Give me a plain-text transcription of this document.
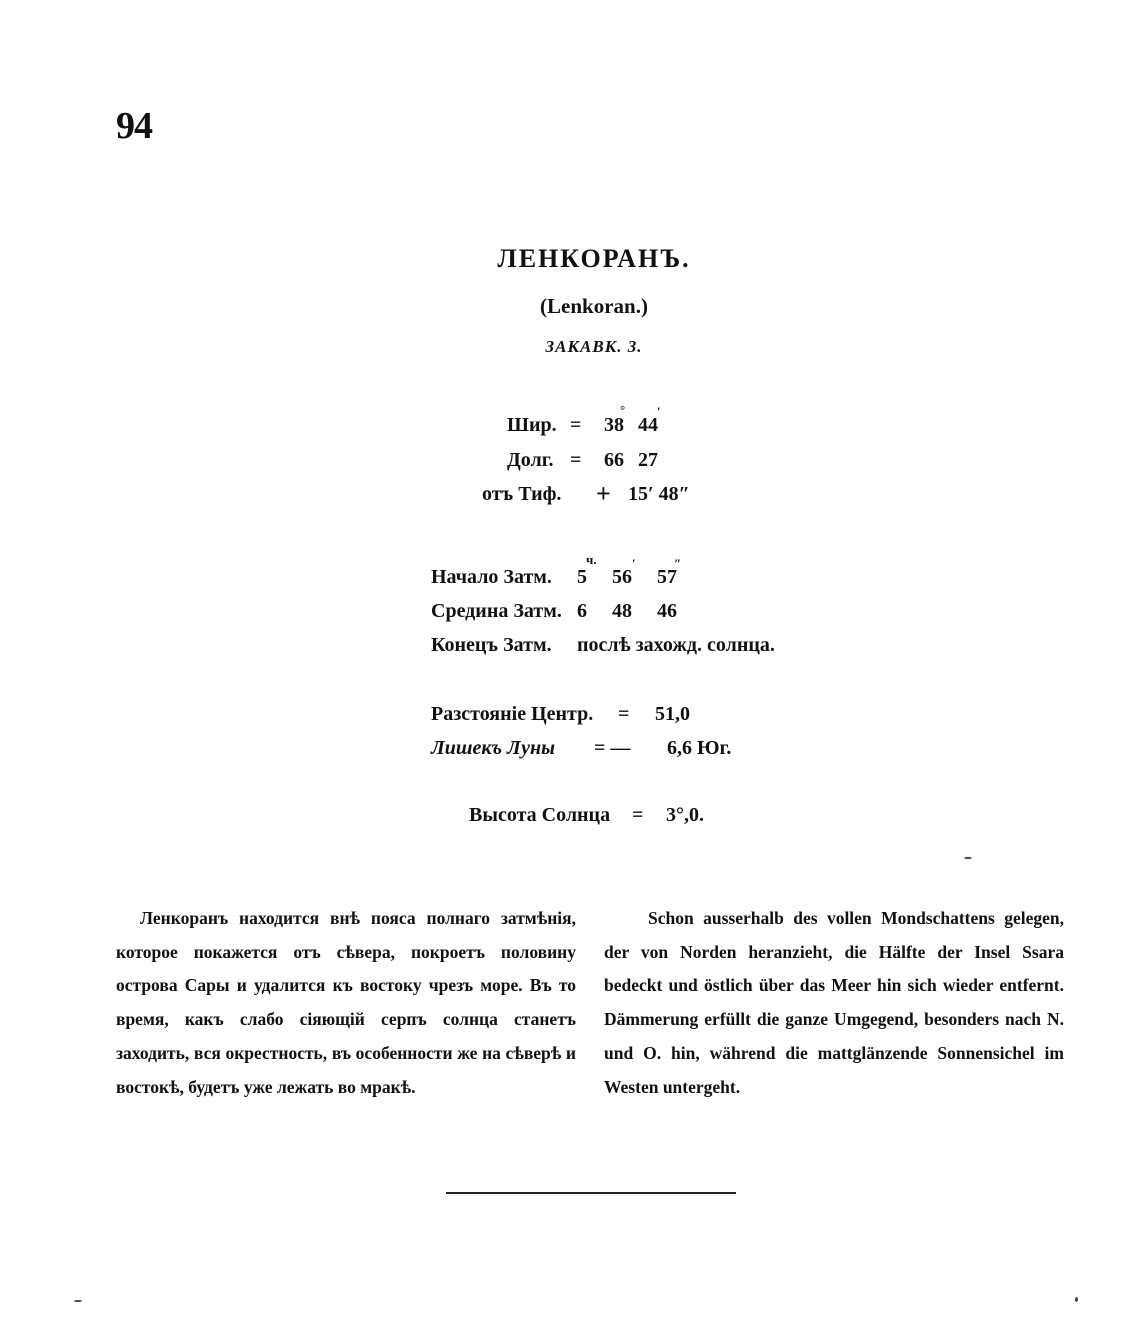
94
ЛЕНКОРАНЪ.
(Lenkoran.)
ЗАКАВК. 3.
Шир. = 38 44
° ′
Долг. = 66 27
отъ Тиф. + 15′ 48″
ч.	′	″
Начало Затм. 5 56 57
Средина Затм. 6 48 46
Конецъ Затм. послѣ захожд. солнца.
Разстояніе Центр. = 51,0
Лишекъ Луны = — 6,6 Юг.
Высота Солнца = 3°,0.

Ленкоранъ находится внѣ пояса полнаго затмѣнія, которое покажется отъ сѣвера, покроетъ половину острова Сары и удалится къ востоку чрезъ море. Въ то время, какъ слабо сіяющій серпъ солнца станетъ заходить, вся окрестность, въ особенности же на сѣверѣ и востокѣ, будетъ уже лежать во мракѣ.

Schon ausserhalb des vollen Mondschattens gelegen, der von Norden heranzieht, die Hälfte der Insel Ssara bedeckt und östlich über das Meer hin sich wieder entfernt. Dämmerung erfüllt die ganze Umgegend, besonders nach N. und O. hin, während die mattglänzende Sonnensichel im Westen untergeht.
